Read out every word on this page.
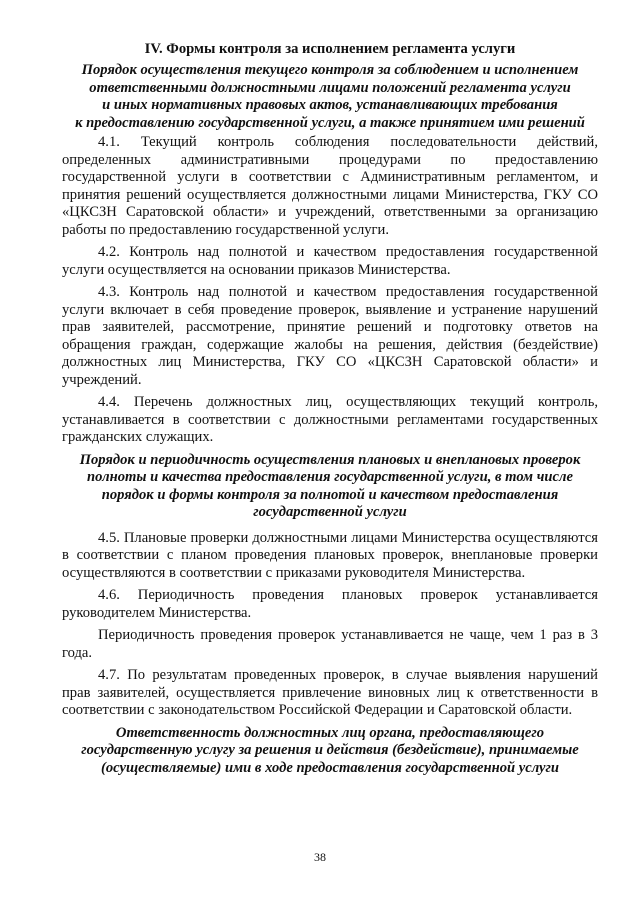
IV. Формы контроля за исполнением регламента услуги
Порядок осуществления текущего контроля за соблюдением и исполнением
ответственными должностными лицами положений регламента услуги
и иных нормативных правовых актов, устанавливающих требования
к предоставлению государственной услуги, а также принятием ими решений

4.1. Текущий контроль соблюдения последовательности действий, определенных административными процедурами по предоставлению государственной услуги в соответствии с Административным регламентом, и принятия решений осуществляется должностными лицами Министерства, ГКУ СО «ЦКСЗН Саратовской области» и учреждений, ответственными за организацию работы по предоставлению государственной услуги.

4.2. Контроль над полнотой и качеством предоставления государственной услуги осуществляется на основании приказов Министерства.

4.3. Контроль над полнотой и качеством предоставления государственной услуги включает в себя проведение проверок, выявление и устранение нарушений прав заявителей, рассмотрение, принятие решений и подготовку ответов на обращения граждан, содержащие жалобы на решения, действия (бездействие) должностных лиц Министерства, ГКУ СО «ЦКСЗН Саратовской области» и учреждений.

4.4. Перечень должностных лиц, осуществляющих текущий контроль, устанавливается в соответствии с должностными регламентами государственных гражданских служащих.

Порядок и периодичность осуществления плановых и внеплановых проверок
полноты и качества предоставления государственной услуги, в том числе
порядок и формы контроля за полнотой и качеством предоставления
государственной услуги

4.5. Плановые проверки должностными лицами Министерства осуществляются в соответствии с планом проведения плановых проверок, внеплановые проверки осуществляются в соответствии с приказами руководителя Министерства.

4.6. Периодичность проведения плановых проверок устанавливается руководителем Министерства.

Периодичность проведения проверок устанавливается не чаще, чем 1 раз в 3 года.

4.7. По результатам проведенных проверок, в случае выявления нарушений прав заявителей, осуществляется привлечение виновных лиц к ответственности в соответствии с законодательством Российской Федерации и Саратовской области.

Ответственность должностных лиц органа, предоставляющего
государственную услугу за решения и действия (бездействие), принимаемые
(осуществляемые) ими в ходе предоставления государственной услуги
38
